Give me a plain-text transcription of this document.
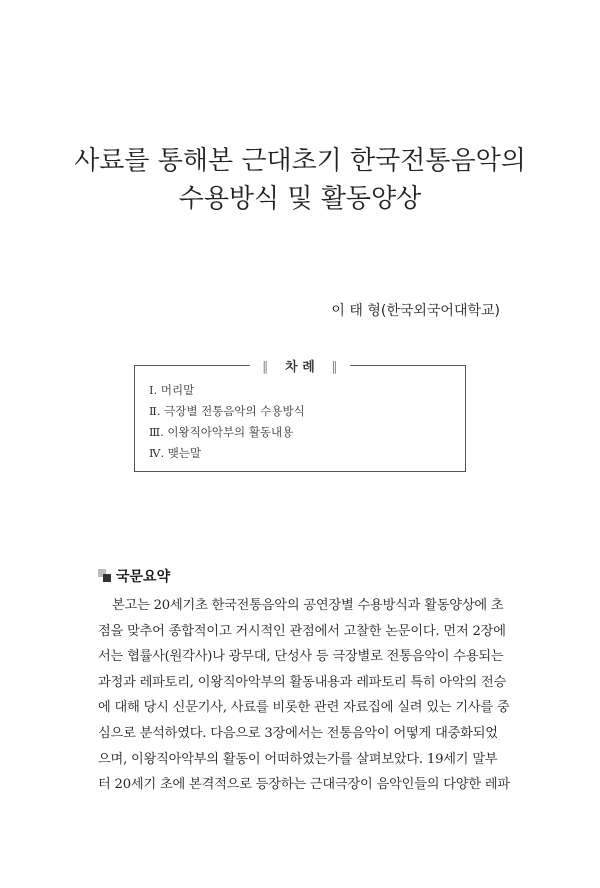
사료를 통해본 근대초기 한국전통음악의
수용방식 및 활동양상
이 태 형(한국외국어대학교)
∥ 차 례 ∥
Ⅰ. 머리말
Ⅱ. 극장별 전통음악의 수용방식
Ⅲ. 이왕직아악부의 활동내용
Ⅳ. 맺는말
국문요약
본고는 20세기초 한국전통음악의 공연장별 수용방식과 활동양상에 초
점을 맞추어 종합적이고 거시적인 관점에서 고찰한 논문이다. 먼저 2장에
서는 협률사(원각사)나 광무대, 단성사 등 극장별로 전통음악이 수용되는
과정과 레파토리, 이왕직아악부의 활동내용과 레파토리 특히 아악의 전승
에 대해 당시 신문기사, 사료를 비롯한 관련 자료집에 실려 있는 기사를 중
심으로 분석하였다. 다음으로 3장에서는 전통음악이 어떻게 대중화되었
으며, 이왕직아악부의 활동이 어떠하였는가를 살펴보았다. 19세기 말부
터 20세기 초에 본격적으로 등장하는 근대극장이 음악인들의 다양한 레파
